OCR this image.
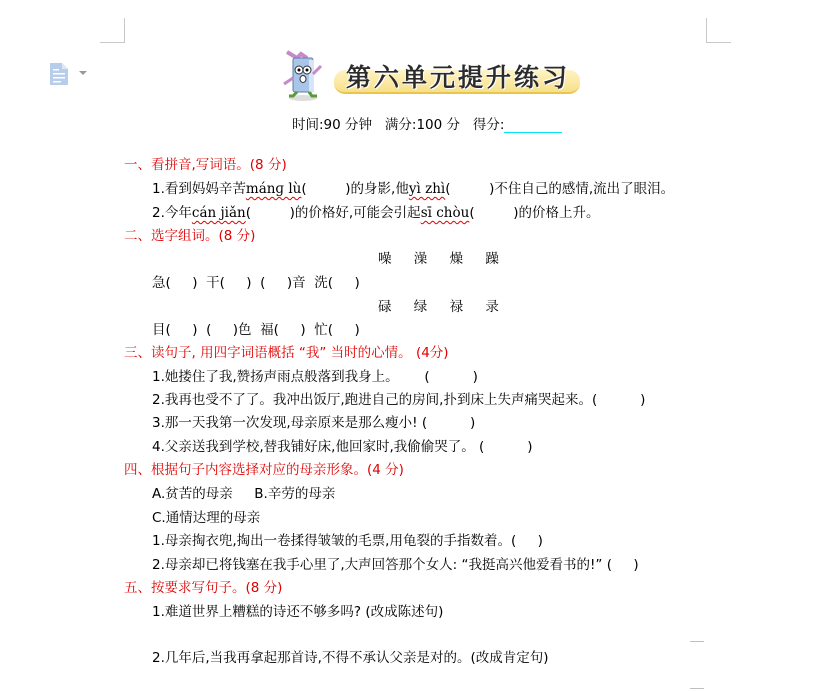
第六单元提升练习
时间:90 分钟 满分:100 分 得分:
一、看拼音,写词语。(8 分)
1.看到妈妈辛苦mánɡ lù(         )的身影,他yì zhì(         )不住自己的感情,流出了眼泪。
2.今年cán jiǎn(         )的价格好,可能会引起sī chòu(         )的价格上升。
二、选字组词。(8 分)
噪 澡 燥 躁
急(     )  干(     )  (     )音  洗(     )
碌 绿 禄 录
目(     )  (     )色  福(     )  忙(     )
三、读句子, 用四字词语概括 “我” 当时的心情。 (4分)
1.她搂住了我,赞扬声雨点般落到我身上。      (          )
2.我再也受不了了。我冲出饭厅,跑进自己的房间,扑到床上失声痛哭起来。(          )
3.那一天我第一次发现,母亲原来是那么瘦小! (          )
4.父亲送我到学校,替我铺好床,他回家时,我偷偷哭了。 (          )
四、根据句子内容选择对应的母亲形象。(4 分)
A.贫苦的母亲 B.辛劳的母亲
C.通情达理的母亲
1.母亲掏衣兜,掏出一卷揉得皱皱的毛票,用龟裂的手指数着。(     )
2.母亲却已将钱塞在我手心里了,大声回答那个女人: “我挺高兴他爱看书的!” (     )
五、按要求写句子。(8 分)
1.难道世界上糟糕的诗还不够多吗? (改成陈述句)
2.几年后,当我再拿起那首诗,不得不承认父亲是对的。(改成肯定句)
